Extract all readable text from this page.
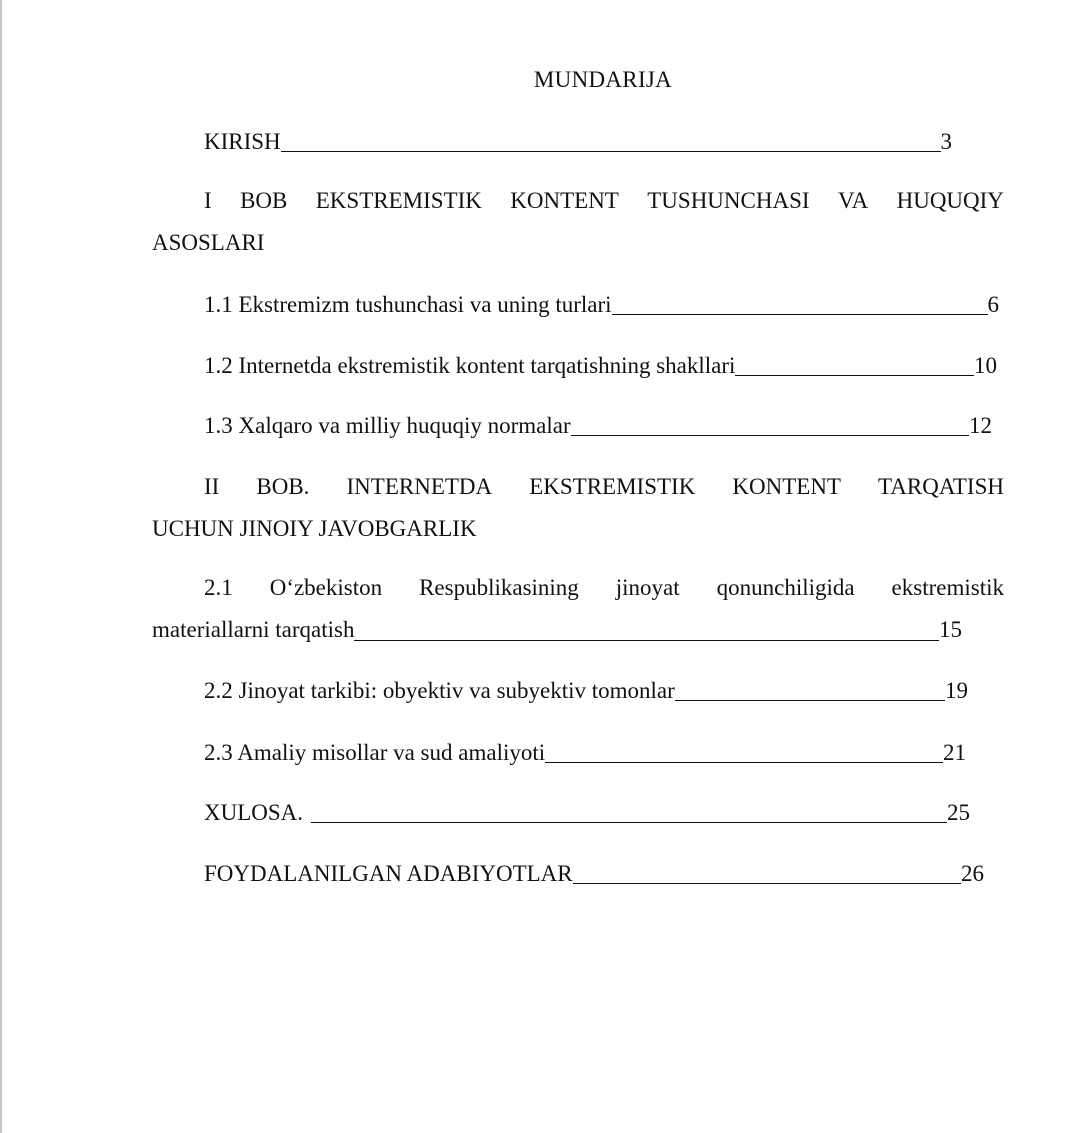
MUNDARIJA
KIRISH	3
I BOB EKSTREMISTIK KONTENT TUSHUNCHASI VA HUQUQIY
ASOSLARI
1.1 Ekstremizm tushunchasi va uning turlari	6
1.2 Internetda ekstremistik kontent tarqatishning shakllari	10
1.3 Xalqaro va milliy huquqiy normalar	12
II BOB. INTERNETDA EKSTREMISTIK KONTENT TARQATISH
UCHUN JINOIY JAVOBGARLIK
2.1 O‘zbekiston Respublikasining jinoyat qonunchiligida ekstremistik
materiallarni tarqatish	15
2.2 Jinoyat tarkibi: obyektiv va subyektiv tomonlar	19
2.3 Amaliy misollar va sud amaliyoti	21
XULOSA.	25
FOYDALANILGAN ADABIYOTLAR	26
